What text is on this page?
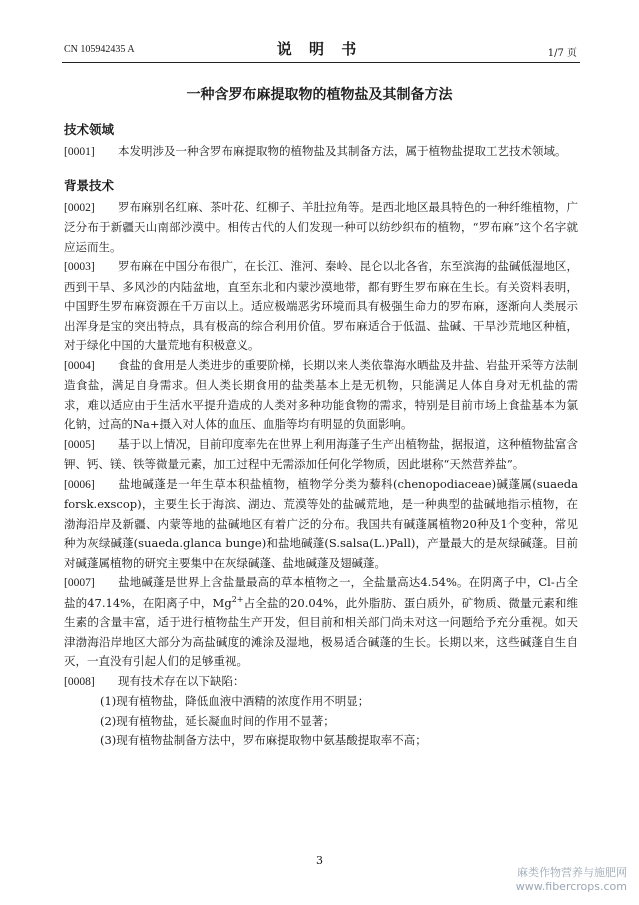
CN 105942435 A	说 明 书	1/7 页
一种含罗布麻提取物的植物盐及其制备方法
技术领域

[0001] 本发明涉及一种含罗布麻提取物的植物盐及其制备方法，属于植物盐提取工艺技术领域。

背景技术

[0002] 罗布麻别名红麻、茶叶花、红柳子、羊肚拉角等。是西北地区最具特色的一种纤维植物，广泛分布于新疆天山南部沙漠中。相传古代的人们发现一种可以纺纱织布的植物，“罗布麻”这个名字就应运而生。

[0003] 罗布麻在中国分布很广，在长江、淮河、秦岭、昆仑以北各省，东至滨海的盐碱低湿地区，西到干旱、多风沙的内陆盆地，直至东北和内蒙沙漠地带，都有野生罗布麻在生长。有关资料表明，中国野生罗布麻资源在千万亩以上。适应极端恶劣环境而具有极强生命力的罗布麻，逐渐向人类展示出浑身是宝的突出特点，具有极高的综合利用价值。罗布麻适合于低温、盐碱、干旱沙荒地区种植，对于绿化中国的大量荒地有积极意义。

[0004] 食盐的食用是人类进步的重要阶梯，长期以来人类依靠海水晒盐及井盐、岩盐开采等方法制造食盐，满足自身需求。但人类长期食用的盐类基本上是无机物，只能满足人体自身对无机盐的需求，难以适应由于生活水平提升造成的人类对多种功能食物的需求，特别是目前市场上食盐基本为氯化钠，过高的Na+摄入对人体的血压、血脂等均有明显的负面影响。

[0005] 基于以上情况，目前印度率先在世界上利用海蓬子生产出植物盐，据报道，这种植物盐富含钾、钙、镁、铁等微量元素，加工过程中无需添加任何化学物质，因此堪称“天然营养盐”。

[0006] 盐地碱蓬是一年生草本积盐植物，植物学分类为藜科(chenopodiaceae)碱蓬属(suaeda forsk.exscop)，主要生长于海滨、湖边、荒漠等处的盐碱荒地，是一种典型的盐碱地指示植物，在渤海沿岸及新疆、内蒙等地的盐碱地区有着广泛的分布。我国共有碱蓬属植物20种及1个变种，常见种为灰绿碱蓬(suaeda.glanca bunge)和盐地碱蓬(S.salsa(L.)Pall)，产量最大的是灰绿碱蓬。目前对碱蓬属植物的研究主要集中在灰绿碱蓬、盐地碱蓬及翅碱蓬。

[0007] 盐地碱蓬是世界上含盐量最高的草本植物之一，全盐量高达4.54%。在阴离子中，Cl-占全盐的47.14%，在阳离子中，$Mg^{2+}$占全盐的20.04%，此外脂肪、蛋白质外，矿物质、微量元素和维生素的含量丰富，适于进行植物盐生产开发，但目前和相关部门尚未对这一问题给予充分重视。如天津渤海沿岸地区大部分为高盐碱度的滩涂及湿地，极易适合碱蓬的生长。长期以来，这些碱蓬自生自灭，一直没有引起人们的足够重视。

[0008] 现有技术存在以下缺陷：

(1)现有植物盐，降低血液中酒精的浓度作用不明显；

(2)现有植物盐，延长凝血时间的作用不显著；

(3)现有植物盐制备方法中，罗布麻提取物中氨基酸提取率不高；

3
麻类作物营养与施肥网
www.fibercrops.com
